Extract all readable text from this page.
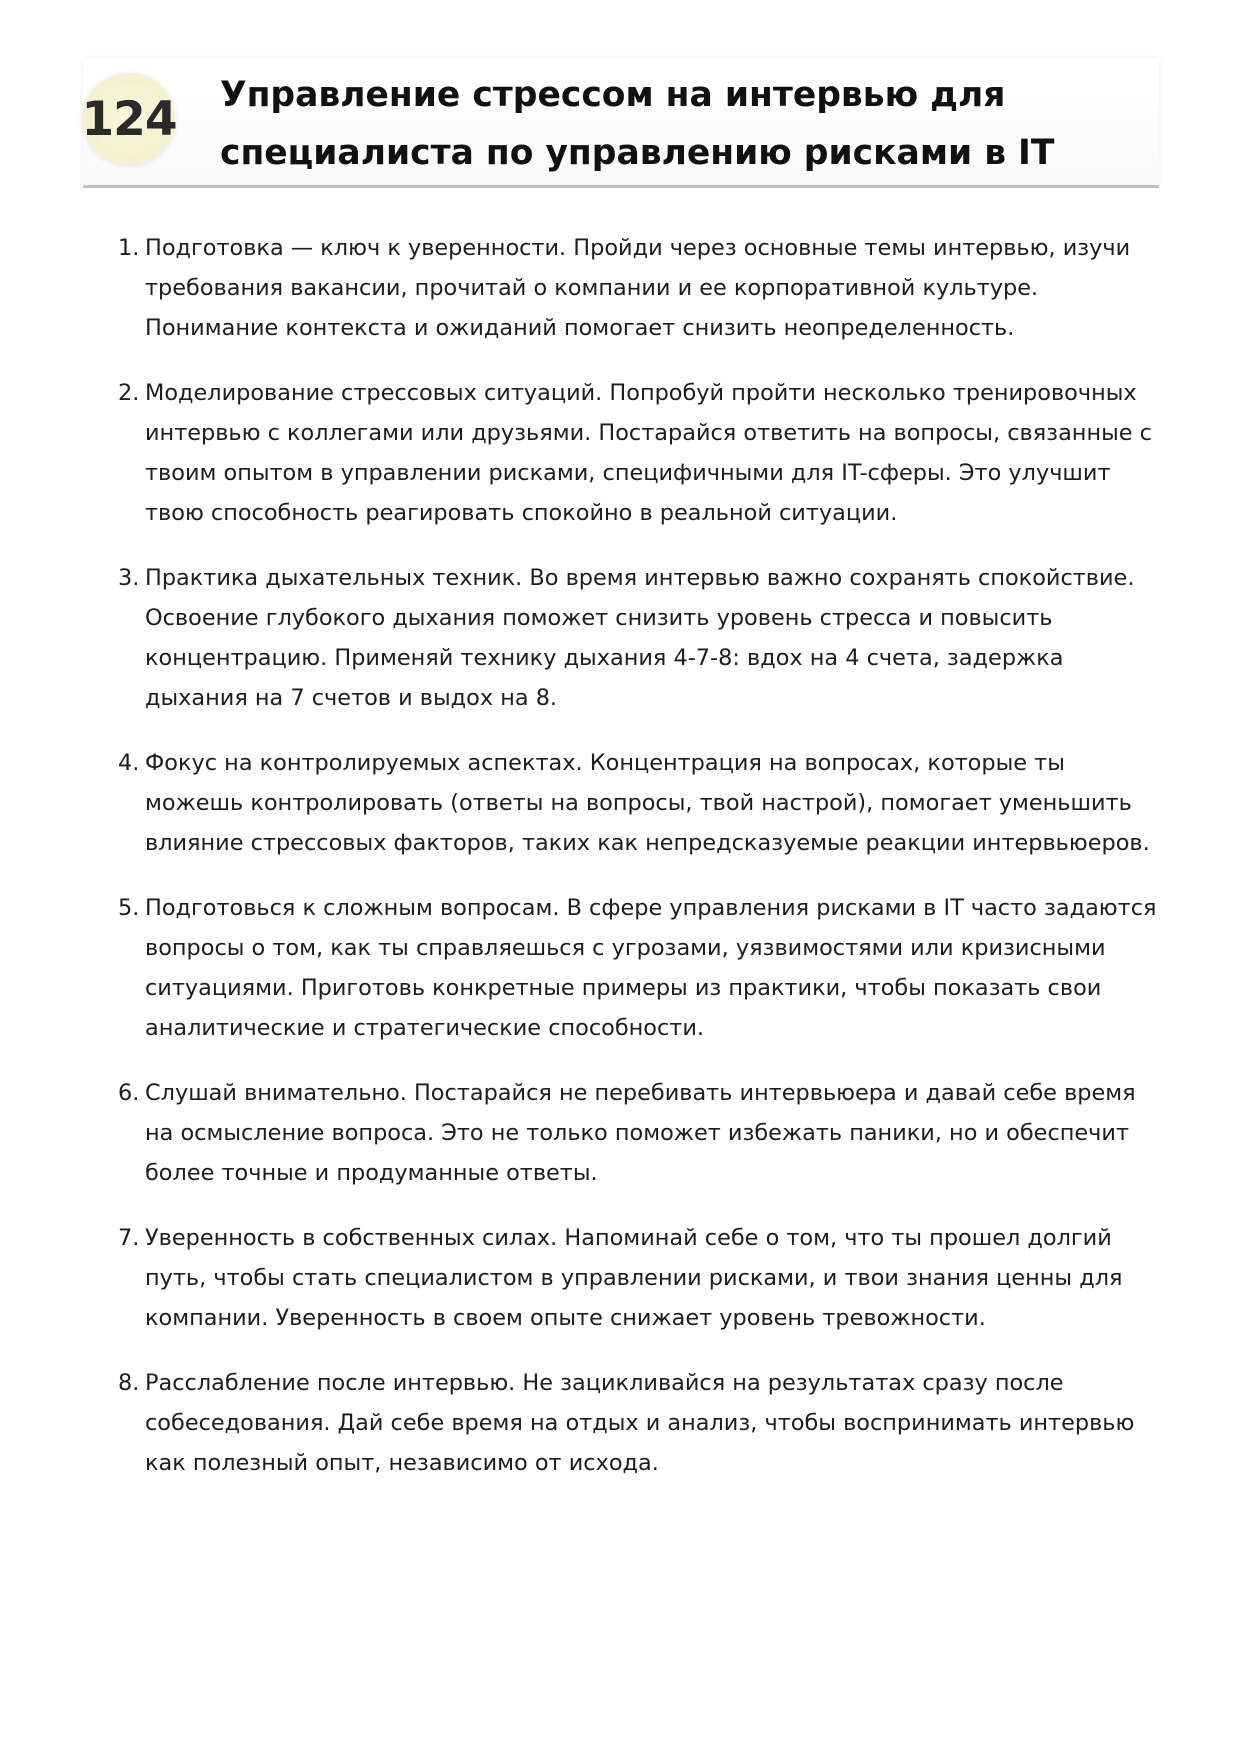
124 Управление стрессом на интервью для специалиста по управлению рисками в IT
1. Подготовка — ключ к уверенности. Пройди через основные темы интервью, изучи требования вакансии, прочитай о компании и ее корпоративной культуре. Понимание контекста и ожиданий помогает снизить неопределенность.
2. Моделирование стрессовых ситуаций. Попробуй пройти несколько тренировочных интервью с коллегами или друзьями. Постарайся ответить на вопросы, связанные с твоим опытом в управлении рисками, специфичными для IT-сферы. Это улучшит твою способность реагировать спокойно в реальной ситуации.
3. Практика дыхательных техник. Во время интервью важно сохранять спокойствие. Освоение глубокого дыхания поможет снизить уровень стресса и повысить концентрацию. Применяй технику дыхания 4-7-8: вдох на 4 счета, задержка дыхания на 7 счетов и выдох на 8.
4. Фокус на контролируемых аспектах. Концентрация на вопросах, которые ты можешь контролировать (ответы на вопросы, твой настрой), помогает уменьшить влияние стрессовых факторов, таких как непредсказуемые реакции интервьюеров.
5. Подготовься к сложным вопросам. В сфере управления рисками в IT часто задаются вопросы о том, как ты справляешься с угрозами, уязвимостями или кризисными ситуациями. Приготовь конкретные примеры из практики, чтобы показать свои аналитические и стратегические способности.
6. Слушай внимательно. Постарайся не перебивать интервьюера и давай себе время на осмысление вопроса. Это не только поможет избежать паники, но и обеспечит более точные и продуманные ответы.
7. Уверенность в собственных силах. Напоминай себе о том, что ты прошел долгий путь, чтобы стать специалистом в управлении рисками, и твои знания ценны для компании. Уверенность в своем опыте снижает уровень тревожности.
8. Расслабление после интервью. Не зацикливайся на результатах сразу после собеседования. Дай себе время на отдых и анализ, чтобы воспринимать интервью как полезный опыт, независимо от исхода.
